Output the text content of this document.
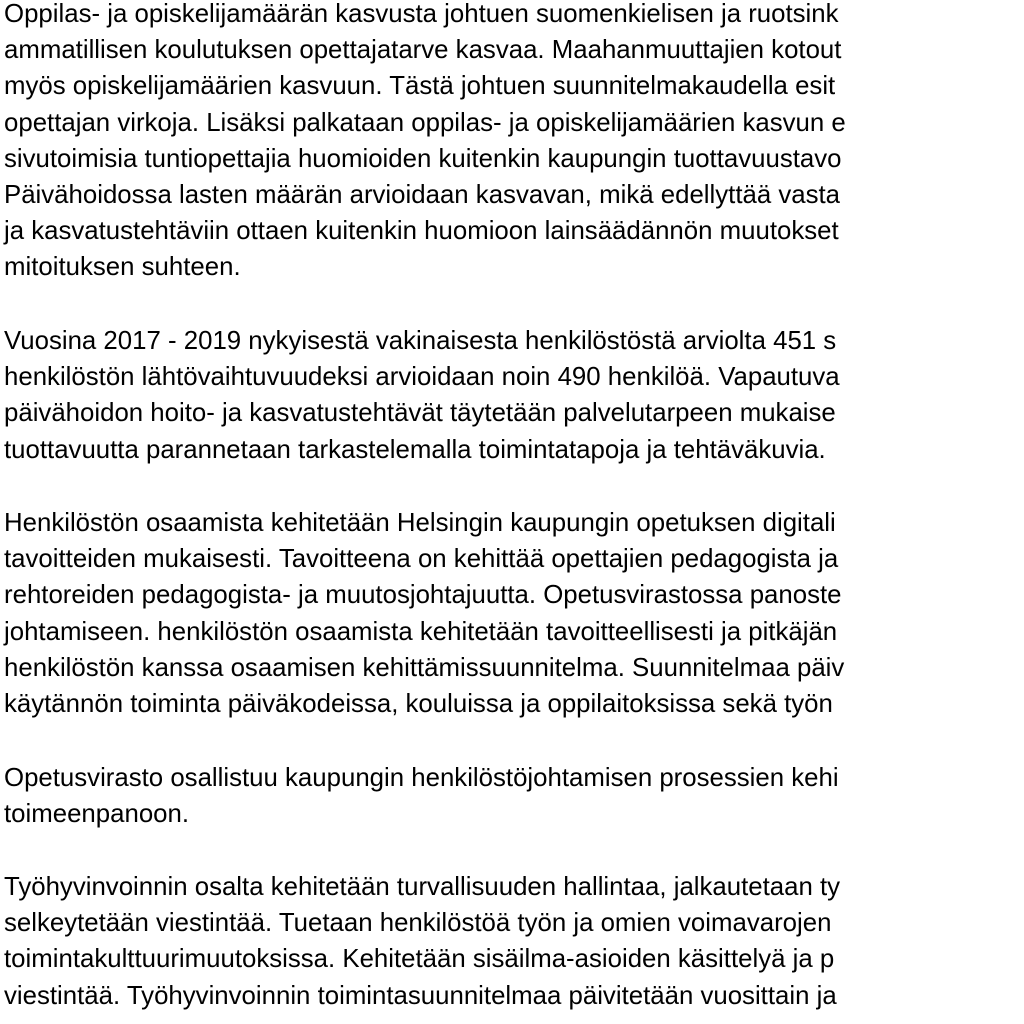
Oppilas- ja opiskelijamäärän kasvusta johtuen suomenkielisen ja ruotsink
ammatillisen koulutuksen opettajatarve kasvaa. Maahanmuuttajien kotout
myös opiskelijamäärien kasvuun. Tästä johtuen suunnitelmakaudella esit
opettajan virkoja. Lisäksi palkataan oppilas- ja opiskelijamäärien kasvun e
sivutoimisia tuntiopettajia huomioiden kuitenkin kaupungin tuottavuustavo
Päivähoidossa lasten määrän arvioidaan kasvavan, mikä edellyttää vasta
ja kasvatustehtäviin ottaen kuitenkin huomioon lainsäädännön muutokset
mitoituksen suhteen.
Vuosina 2017 - 2019 nykyisestä vakinaisesta henkilöstöstä arviolta 451 s
henkilöstön lähtövaihtuvuudeksi arvioidaan noin 490 henkilöä. Vapautuva
päivähoidon hoito- ja kasvatustehtävät täytetään palvelutarpeen mukaise
tuottavuutta parannetaan tarkastelemalla toimintatapoja ja tehtäväkuvia.
Henkilöstön osaamista kehitetään Helsingin kaupungin opetuksen digitali
tavoitteiden mukaisesti. Tavoitteena on kehittää opettajien pedagogista ja
rehtoreiden pedagogista- ja muutosjohtajuutta. Opetusvirastossa panoste
johtamiseen. henkilöstön osaamista kehitetään tavoitteellisesti ja pitkäjän
henkilöstön kanssa osaamisen kehittämissuunnitelma. Suunnitelmaa päiv
käytännön toiminta päiväkodeissa, kouluissa ja oppilaitoksissa sekä työn
Opetusvirasto osallistuu kaupungin henkilöstöjohtamisen prosessien kehi
toimeenpanoon.
Työhyvinvoinnin osalta kehitetään turvallisuuden hallintaa, jalkautetaan ty
selkeytetään viestintää. Tuetaan henkilöstöä työn ja omien voimavarojen
toimintakulttuurimuutoksissa. Kehitetään sisäilma-asioiden käsittelyä ja p
viestintää. Työhyvinvoinnin toimintasuunnitelmaa päivitetään vuosittain ja
